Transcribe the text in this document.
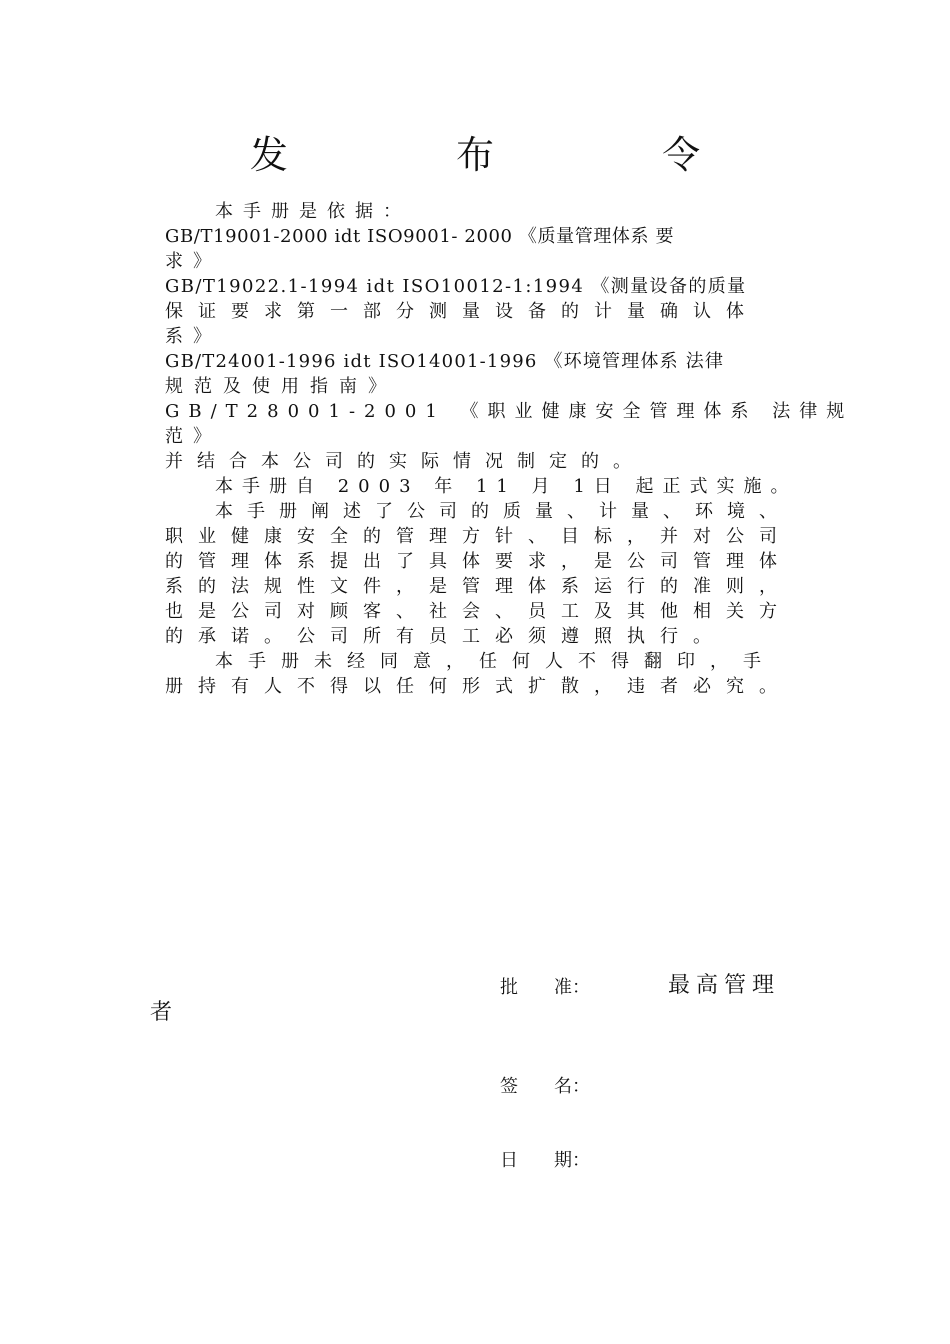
发 布 令
本手册是依据：
GB/T19001-2000 idt ISO9001- 2000 《质量管理体系 要
求》
GB/T19022.1-1994 idt ISO10012-1:1994 《测量设备的质量
保证要求第一部分测量设备的计量确认体
系》
GB/T24001-1996 idt ISO14001-1996 《环境管理体系 法律
规范及使用指南》
GB/T28001-2001 《职业健康安全管理体系 法律规
范》
并结合本公司的实际情况制定的。
本手册自 2003 年 11 月 1日 起正式实施。
本手册阐述了公司的质量、计量、环境、
职业健康安全的管理方针、目标，并对公司
的管理体系提出了具体要求，是公司管理体
系的法规性文件，是管理体系运行的准则，
也是公司对顾客、社会、员工及其他相关方
的承诺。公司所有员工必须遵照执行。
本手册未经同意，任何人不得翻印，手
册持有人不得以任何形式扩散，违者必究。
批　　准：	最高管理
者
签　　名：
日　　期：
